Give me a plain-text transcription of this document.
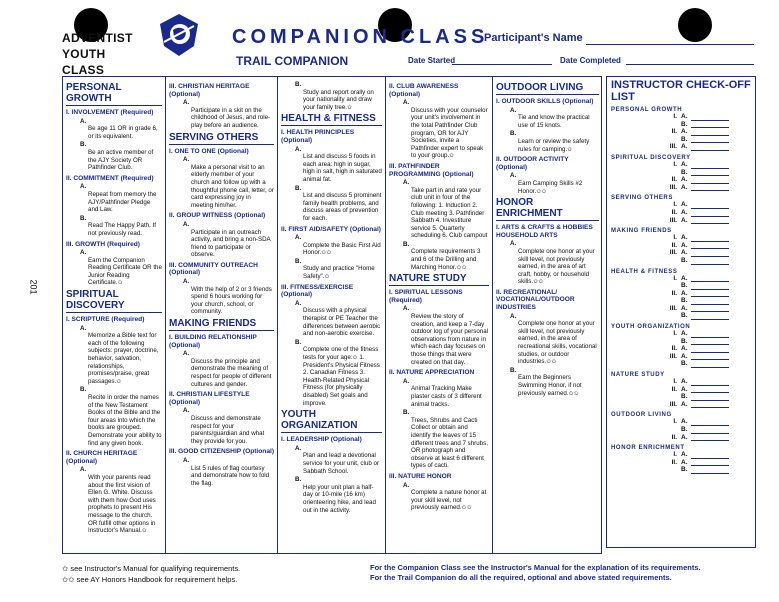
ADVENTIST
YOUTH
CLASS
COMPANION CLASS
Participant's Name
TRAIL COMPANION	Date Started	Date Completed
201
PERSONAL GROWTH
I. INVOLVEMENT (Required)
A.
Be age 11 OR in grade 6, or its equivalent.
B.
Be an active member of the AJY Society OR Pathfinder Club.
II. COMMITMENT (Required)
A.
Repeat from memory the AJY/Pathfinder Pledge and Law.
B.
Read The Happy Path. If not previously read.
III. GROWTH (Required)
A.
Earn the Companion Reading Certificate OR the Junior Reading Certificate.✩
SPIRITUAL DISCOVERY
I. SCRIPTURE (Required)
A.
Memorize a Bible text for each of the following subjects: prayer, doctrine, behavior, salvation, relationships, promises/praise, great passages.✩
B.
Recite in order the names of the New Testament Books of the Bible and the four areas into which the books are grouped. Demonstrate your ability to find any given book.
II. CHURCH HERITAGE (Optional)
A.
With your parents read about the first vision of Ellen G. White. Discuss with them how God uses prophets to present His message to the church. OR fulfill other options in Instructor's Manual.✩
III. CHRISTIAN HERITAGE (Optional)
A.
Participate in a skit on the childhood of Jesus, and role-play before an audience.
SERVING OTHERS
I. ONE TO ONE (Optional)
A.
Make a personal visit to an elderly member of your church and follow up with a thoughtful phone call, letter, or card expressing joy in meeting him/her.
II. GROUP WITNESS (Optional)
A.
Participate in an outreach activity, and bring a non-SDA friend to participate or observe.
III. COMMUNITY OUTREACH (Optional)
A.
With the help of 2 or 3 friends spend 6 hours working for your church, school, or community.
MAKING FRIENDS
I. BUILDING RELATIONSHIP (Optional)
A.
Discuss the principle and demonstrate the meaning of respect for people of different cultures and gender.
II. CHRISTIAN LIFESTYLE (Optional)
A.
Discuss and demonstrate respect for your parents/guardian and what they provide for you.
III. GOOD CITIZENSHIP (Optional)
A.
List 5 rules of flag courtesy and demonstrate how to fold the flag.
B.
Study and report orally on your nationality and draw your family tree.✩
HEALTH & FITNESS
I. HEALTH PRINCIPLES (Optional)
A.
List and discuss 5 foods in each area: high in sugar, high in salt, high in saturated animal fat.
B.
List and discuss 5 prominent family health problems, and discuss areas of prevention for each.
II. FIRST AID/SAFETY (Optional)
A.
Complete the Basic First Aid Honor.✩✩
B.
Study and practice "Home Safety".✩
III. FITNESS/EXERCISE (Optional)
A.
Discuss with a physical therapist or PE Teacher the differences between aerobic and non-aerobic exercise.
B.
Complete one of the fitness tests for your age:✩ 1. President's Physical Fitness 2. Canadian Fitness 3. Health-Related Physical Fitness (for physically disabled) Set goals and improve.
YOUTH ORGANIZATION
I. LEADERSHIP (Optional)
A.
Plan and lead a devotional service for your unit, club or Sabbath School.
B.
Help your unit plan a half-day or 10-mile (16 km) orienteering hike, and lead out in the activity.
II. CLUB AWARENESS (Optional)
A.
Discuss with your counselor your unit's involvement in the total Pathfinder Club program, OR for AJY Societies, invite a Pathfinder expert to speak to your group.✩
III. PATHFINDER PROGRAMMING (Optional)
A.
Take part in and rate your club unit in four of the following: 1. Induction 2. Club meeting 3. Pathfinder Sabbath 4. Investiture service 5. Quarterly scheduling 6. Club campout
B.
Complete requirements 3 and 6 of the Drilling and Marching Honor.✩✩
NATURE STUDY
I. SPIRITUAL LESSONS (Required)
A.
Review the story of creation, and keep a 7-day outdoor log of your personal observations from nature in which each day focuses on those things that were created on that day.
II. NATURE APPRECIATION
A.
Animal Tracking Make plaster casts of 3 different animal tracks.
B.
Trees, Shrubs and Cacti Collect or obtain and identify the leaves of 15 different trees and 7 shrubs, OR photograph and observe at least 6 different types of cacti.
III. NATURE HONOR
A.
Complete a nature honor at your skill level, not previously earned.✩✩
OUTDOOR LIVING
I. OUTDOOR SKILLS (Optional)
A.
Tie and know the practical use of 15 knots.
B.
Learn or review the safety rules for camping.✩
II. OUTDOOR ACTIVITY (Optional)
A.
Earn Camping Skills #2 Honor.✩✩
HONOR ENRICHMENT
I. ARTS & CRAFTS & HOBBIES HOUSEHOLD ARTS
A.
Complete one honor at your skill level, not previously earned, in the area of art craft, hobby, or household skills.✩✩
II. RECREATIONAL/ VOCATIONAL/OUTDOOR INDUSTRIES
A.
Complete one honor at your skill level, not previously earned, in the area of recreational skills, vocational studies, or outdoor industries.✩✩
B.
Earn the Beginners Swimming Honor, if not previously earned.✩✩
INSTRUCTOR CHECK-OFF LIST
PERSONAL GROWTH
I. A.
B.
II. A.
B.
III. A.
SPIRITUAL DISCOVERY
I. A.
B.
II. A.
III. A.
SERVING OTHERS
I. A.
II. A.
III. A.
MAKING FRIENDS
I. A.
II. A.
III. A.
B.
HEALTH & FITNESS
I. A.
B.
II. A.
B.
III. A.
B.
YOUTH ORGANIZATION
I. A.
B.
II. A.
III. A.
B.
NATURE STUDY
I. A.
II. A.
B.
III. A.
OUTDOOR LIVING
I. A.
B.
II. A.
HONOR ENRICHMENT
I. A.
II. A.
B.
✩ see Instructor's Manual for qualifying requirements.
✩✩ see AY Honors Handbook for requirement helps.
For the Companion Class see the Instructor's Manual for the explanation of its requirements.
For the Trail Companion do all the required, optional and above stated requirements.
